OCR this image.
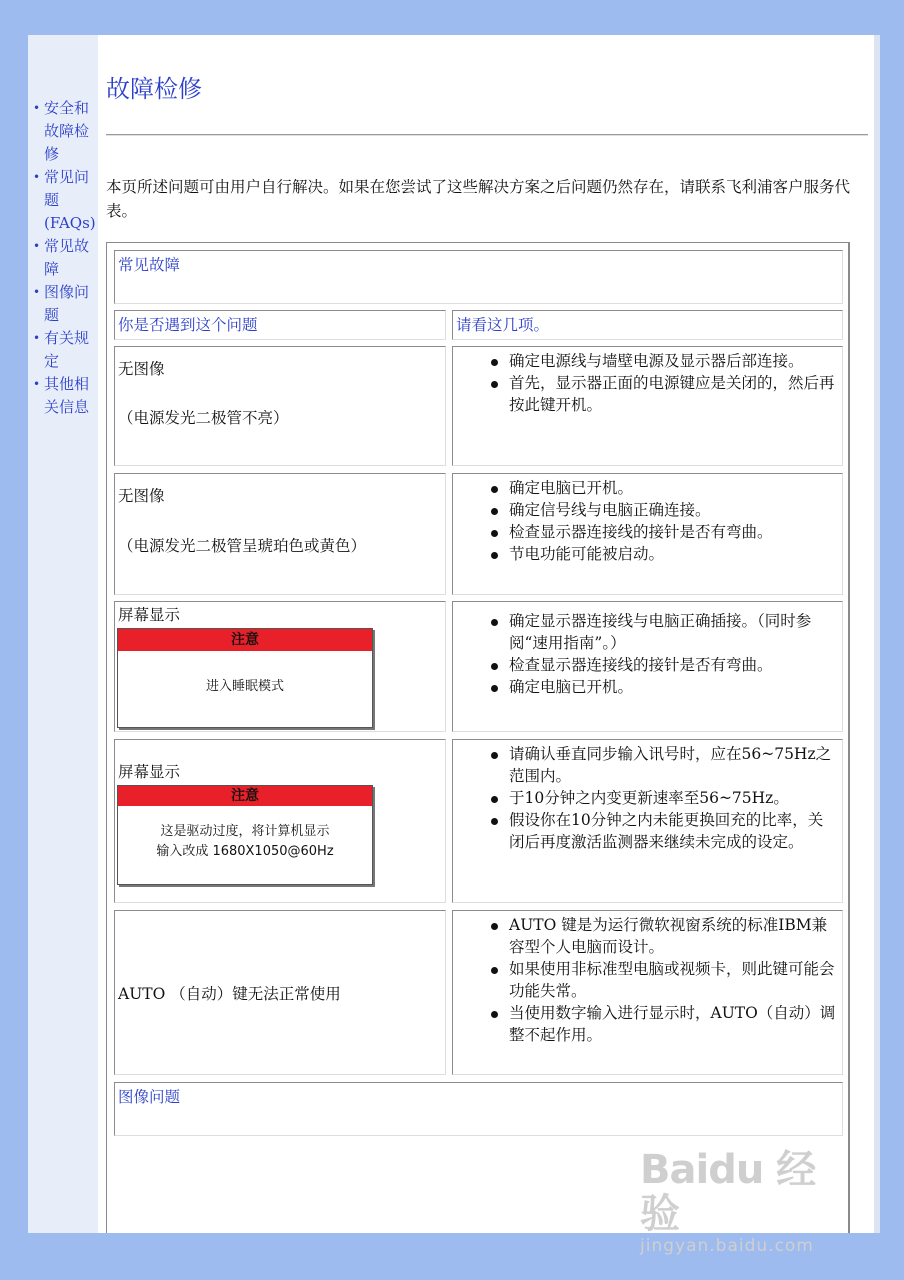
• 安全和故障检修
• 常见问题(FAQs)
• 常见故障
• 图像问题
• 有关规定
• 其他相关信息
故障检修

本页所述问题可由用户自行解决。如果在您尝试了这些解决方案之后问题仍然存在，请联系飞利浦客户服务代表。

常见故障
你是否遇到这个问题	请看这几项。
无图像
（电源发光二极管不亮）
确定电源线与墙壁电源及显示器后部连接。
首先，显示器正面的电源键应是关闭的，然后再按此键开机。
无图像
（电源发光二极管呈琥珀色或黄色）
确定电脑已开机。
确定信号线与电脑正确连接。
检查显示器连接线的接针是否有弯曲。
节电功能可能被启动。
屏幕显示
注意
进入睡眠模式
确定显示器连接线与电脑正确插接。（同时参阅“速用指南”。）
检查显示器连接线的接针是否有弯曲。
确定电脑已开机。
屏幕显示
注意
这是驱动过度，将计算机显示
输入改成 1680X1050@60Hz
请确认垂直同步输入讯号时，应在56~75Hz之范围内。
于10分钟之内变更新速率至56~75Hz。
假设你在10分钟之内未能更换回充的比率，关闭后再度激活监测器来继续未完成的设定。
AUTO （自动）键无法正常使用
AUTO 键是为运行微软视窗系统的标准IBM兼容型个人电脑而设计。
如果使用非标准型电脑或视频卡，则此键可能会功能失常。
当使用数字输入进行显示时，AUTO（自动）调整不起作用。
图像问题
Baidu 经验
jingyan.baidu.com
